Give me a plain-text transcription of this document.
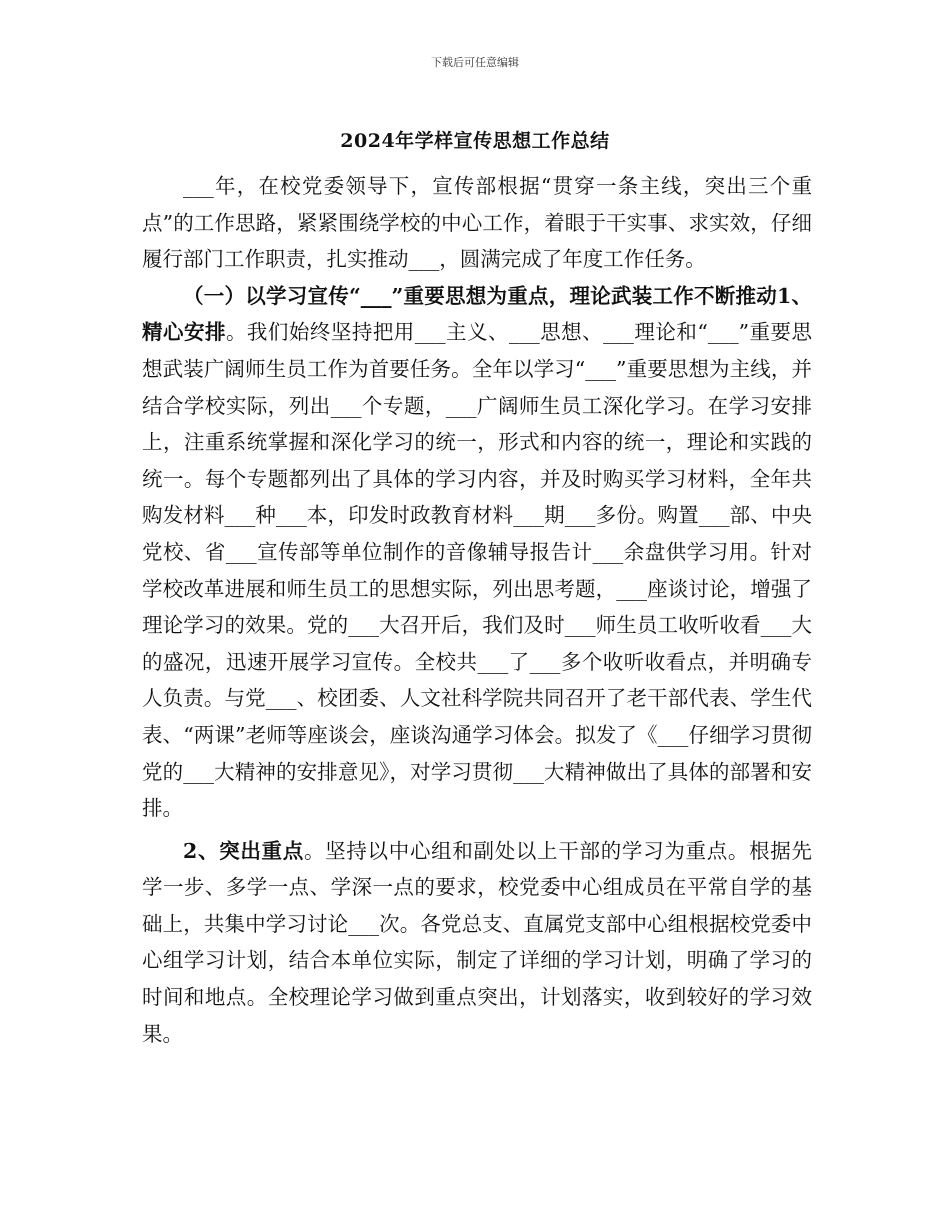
下载后可任意编辑
2024年学样宣传思想工作总结

___年，在校党委领导下，宣传部根据“贯穿一条主线，突出三个重点”的工作思路，紧紧围绕学校的中心工作，着眼于干实事、求实效，仔细履行部门工作职责，扎实推动___，圆满完成了年度工作任务。

（一）以学习宣传“___”重要思想为重点，理论武装工作不断推动1、精心安排。我们始终坚持把用___主义、___思想、___理论和“___”重要思想武装广阔师生员工作为首要任务。全年以学习“___”重要思想为主线，并结合学校实际，列出___个专题，___广阔师生员工深化学习。在学习安排上，注重系统掌握和深化学习的统一，形式和内容的统一，理论和实践的统一。每个专题都列出了具体的学习内容，并及时购买学习材料，全年共购发材料___种___本，印发时政教育材料___期___多份。购置___部、中央党校、省___宣传部等单位制作的音像辅导报告计___余盘供学习用。针对学校改革进展和师生员工的思想实际，列出思考题，___座谈讨论，增强了理论学习的效果。党的___大召开后，我们及时___师生员工收听收看___大的盛况，迅速开展学习宣传。全校共___了___多个收听收看点，并明确专人负责。与党___、校团委、人文社科学院共同召开了老干部代表、学生代表、“两课”老师等座谈会，座谈沟通学习体会。拟发了《___仔细学习贯彻党的___大精神的安排意见》，对学习贯彻___大精神做出了具体的部署和安排。

2、突出重点。坚持以中心组和副处以上干部的学习为重点。根据先学一步、多学一点、学深一点的要求，校党委中心组成员在平常自学的基础上，共集中学习讨论___次。各党总支、直属党支部中心组根据校党委中心组学习计划，结合本单位实际，制定了详细的学习计划，明确了学习的时间和地点。全校理论学习做到重点突出，计划落实，收到较好的学习效果。
